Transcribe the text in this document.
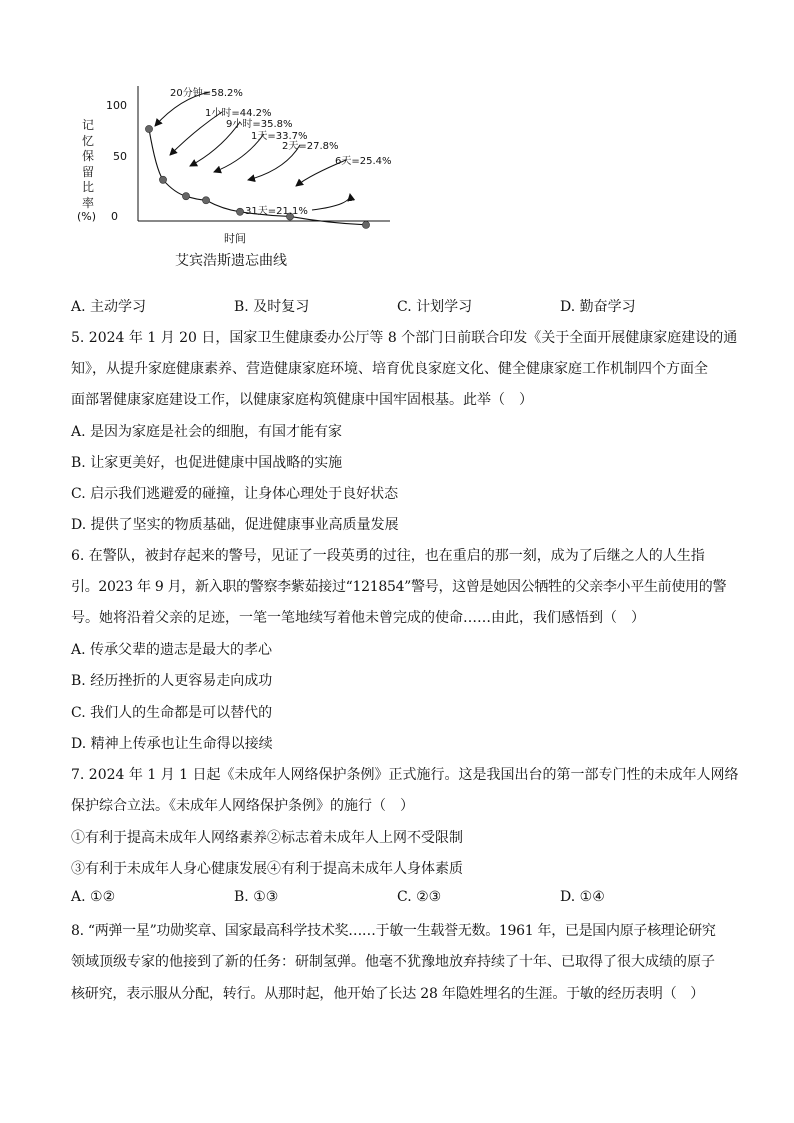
100
50
0
记
忆
保
留
比
率
(%)
时间
20分钟=58.2%
1小时=44.2%
9小时=35.8%
1天=33.7%
2天=27.8%
6天=25.4%
31天=21.1%
艾宾浩斯遗忘曲线
A. 主动学习	B. 及时复习	C. 计划学习	D. 勤奋学习
5. 2024 年 1 月 20 日，国家卫生健康委办公厅等 8 个部门日前联合印发《关于全面开展健康家庭建设的通
知》，从提升家庭健康素养、营造健康家庭环境、培育优良家庭文化、健全健康家庭工作机制四个方面全
面部署健康家庭建设工作，以健康家庭构筑健康中国牢固根基。此举（　）
A. 是因为家庭是社会的细胞，有国才能有家
B. 让家更美好，也促进健康中国战略的实施
C. 启示我们逃避爱的碰撞，让身体心理处于良好状态
D. 提供了坚实的物质基础，促进健康事业高质量发展
6. 在警队，被封存起来的警号，见证了一段英勇的过往，也在重启的那一刻，成为了后继之人的人生指
引。2023 年 9 月，新入职的警察李紫茹接过“121854”警号，这曾是她因公牺牲的父亲李小平生前使用的警
号。她将沿着父亲的足迹，一笔一笔地续写着他未曾完成的使命……由此，我们感悟到（　）
A. 传承父辈的遗志是最大的孝心
B. 经历挫折的人更容易走向成功
C. 我们人的生命都是可以替代的
D. 精神上传承也让生命得以接续
7. 2024 年 1 月 1 日起《未成年人网络保护条例》正式施行。这是我国出台的第一部专门性的未成年人网络
保护综合立法。《未成年人网络保护条例》的施行（　）
①有利于提高未成年人网络素养②标志着未成年人上网不受限制
③有利于未成年人身心健康发展④有利于提高未成年人身体素质
A. ①②	B. ①③	C. ②③	D. ①④
8. “两弹一星”功勋奖章、国家最高科学技术奖……于敏一生载誉无数。1961 年，已是国内原子核理论研究
领域顶级专家的他接到了新的任务：研制氢弹。他毫不犹豫地放弃持续了十年、已取得了很大成绩的原子
核研究，表示服从分配，转行。从那时起，他开始了长达 28 年隐姓埋名的生涯。于敏的经历表明（　）
